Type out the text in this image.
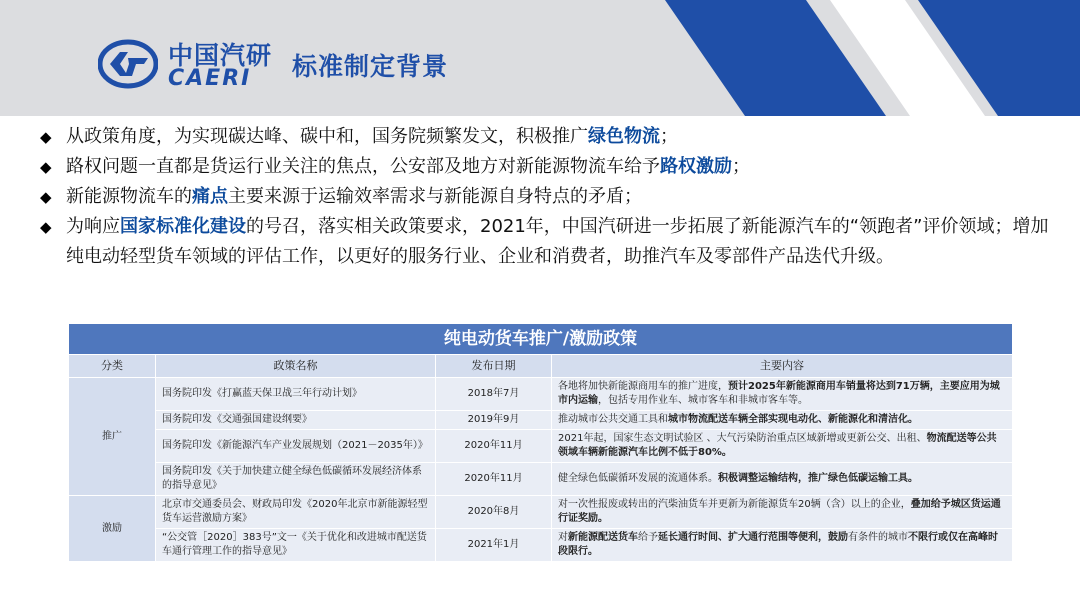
中国汽研
CAERI 标准制定背景
◆ 从政策角度，为实现碳达峰、碳中和，国务院频繁发文，积极推广绿色物流；
◆ 路权问题一直都是货运行业关注的焦点，公安部及地方对新能源物流车给予路权激励；
◆ 新能源物流车的痛点主要来源于运输效率需求与新能源自身特点的矛盾；
◆ 为响应国家标准化建设的号召，落实相关政策要求，2021年，中国汽研进一步拓展了新能源汽车的“领跑者”评价领域；增加纯电动轻型货车领域的评估工作，以更好的服务行业、企业和消费者，助推汽车及零部件产品迭代升级。
纯电动货车推广/激励政策			
分类	政策名称	发布日期	主要内容
推广	国务院印发《打赢蓝天保卫战三年行动计划》	2018年7月	各地将加快新能源商用车的推广进度，预计2025年新能源商用车销量将达到71万辆，主要应用为城市内运输，包括专用作业车、城市客车和非城市客车等。
	国务院印发《交通强国建设纲要》	2019年9月	推动城市公共交通工具和城市物流配送车辆全部实现电动化、新能源化和清洁化。
	国务院印发《新能源汽车产业发展规划（2021－2035年）》	2020年11月	2021年起，国家生态文明试验区 、大气污染防治重点区域新增或更新公交、出租、物流配送等公共领域车辆新能源汽车比例不低于80%。
	国务院印发《关于加快建立健全绿色低碳循环发展经济体系的指导意见》	2020年11月	健全绿色低碳循环发展的流通体系。积极调整运输结构，推广绿色低碳运输工具。
激励	北京市交通委员会、财政局印发《2020年北京市新能源轻型货车运营激励方案》	2020年8月	对一次性报废或转出的汽柴油货车并更新为新能源货车20辆（含）以上的企业，叠加给予城区货运通行证奖励。
	“公交管［2020］383号”文一《关于优化和改进城市配送货车通行管理工作的指导意见》	2021年1月	对新能源配送货车给予延长通行时间、扩大通行范围等便利，鼓励有条件的城市不限行或仅在高峰时段限行。
